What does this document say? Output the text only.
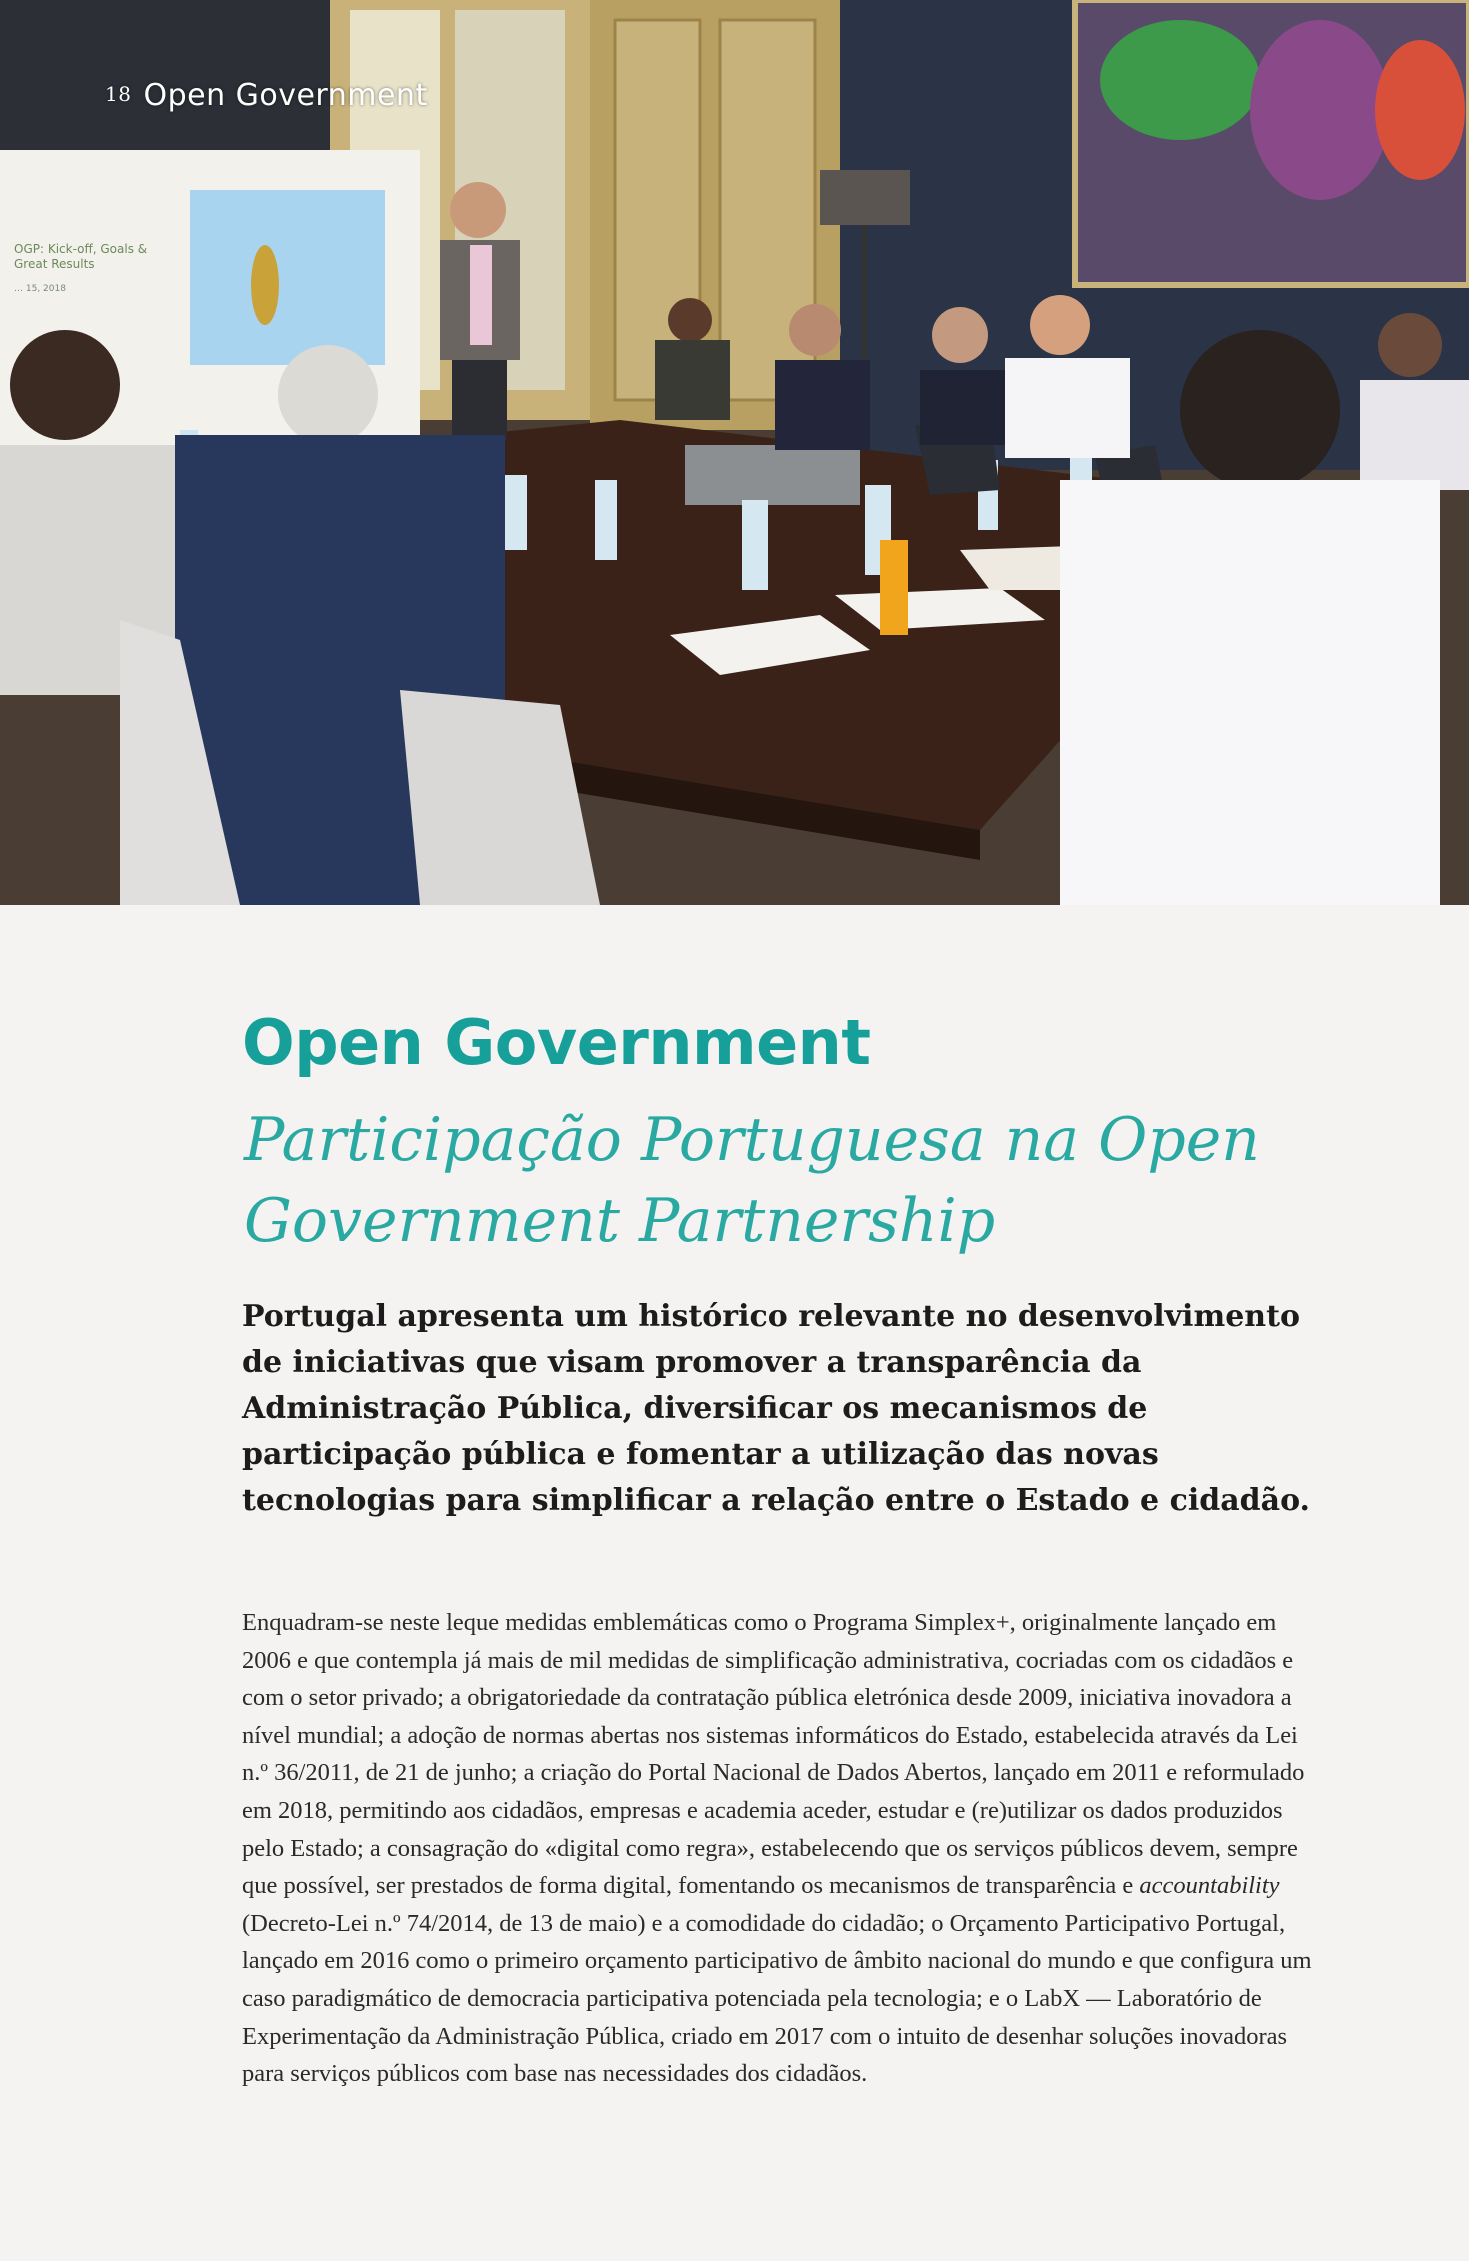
OGP: Kick-off, Goals & Great Results
… 15, 2018
18 Open Government
Open Government
Participação Portuguesa na Open Government Partnership

Portugal apresenta um histórico relevante no desenvolvimento de iniciativas que visam promover a transparência da Administração Pública, diversificar os mecanismos de participação pública e fomentar a utilização das novas tecnologias para simplificar a relação entre o Estado e cidadão.

Enquadram-se neste leque medidas emblemáticas como o Programa Simplex+, originalmente lançado em 2006 e que contempla já mais de mil medidas de simplificação administrativa, cocriadas com os cidadãos e com o setor privado; a obrigatoriedade da contratação pública eletrónica desde 2009, iniciativa inovadora a nível mundial; a adoção de normas abertas nos sistemas informáticos do Estado, estabelecida através da Lei n.º 36/2011, de 21 de junho; a criação do Portal Nacional de Dados Abertos, lançado em 2011 e reformulado em 2018, permitindo aos cidadãos, empresas e academia aceder, estudar e (re)utilizar os dados produzidos pelo Estado; a consagração do «digital como regra», estabelecendo que os serviços públicos devem, sempre que possível, ser prestados de forma digital, fomentando os mecanismos de transparência e accountability (Decreto-Lei n.º 74/2014, de 13 de maio) e a comodidade do cidadão; o Orçamento Participativo Portugal, lançado em 2016 como o primeiro orçamento participativo de âmbito nacional do mundo e que configura um caso paradigmático de democracia participativa potenciada pela tecnologia; e o LabX — Laboratório de Experimentação da Administração Pública, criado em 2017 com o intuito de desenhar soluções inovadoras para serviços públicos com base nas necessidades dos cidadãos.
